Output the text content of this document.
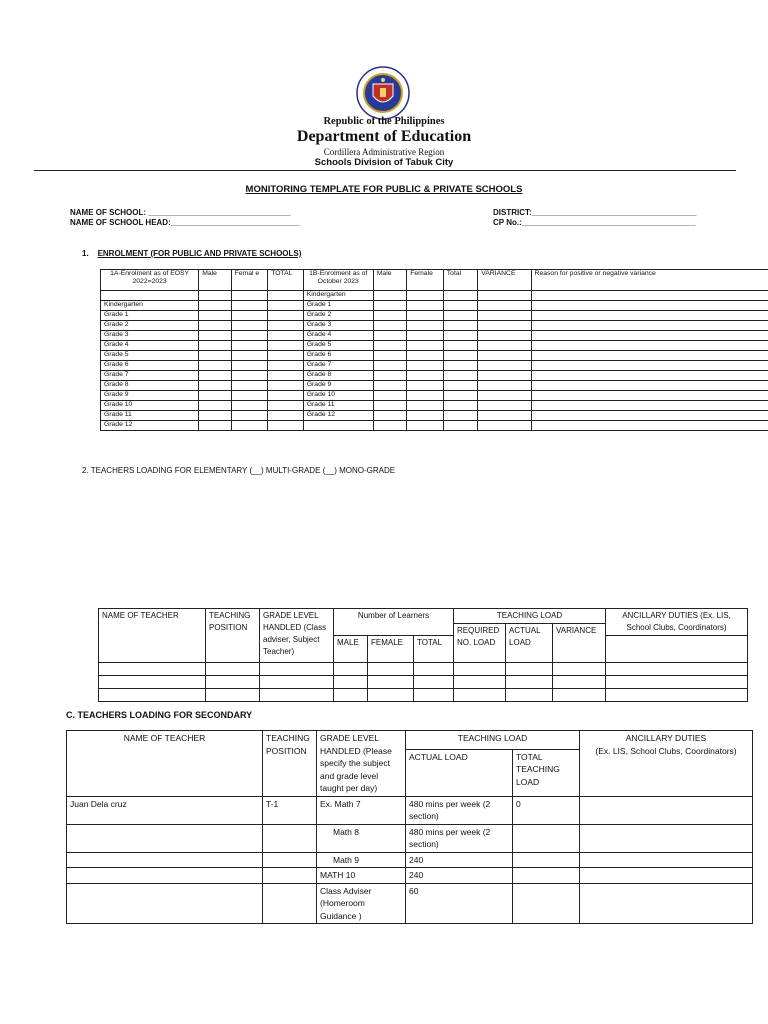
Republic of the Philippines
Department of Education
Cordillera Administrative Region
Schools Division of Tabuk City
MONITORING TEMPLATE FOR PUBLIC & PRIVATE SCHOOLS
NAME OF SCHOOL: ________________________________
NAME OF SCHOOL HEAD:_____________________________
DISTRICT:_____________________________________
CP No.:_______________________________________
1. ENROLMENT (FOR PUBLIC AND PRIVATE SCHOOLS)
1A-Enrolment as of EOSY 2022=2023	Male	Femal e	TOTAL	1B-Enrolment as of October 2023	Male	Female	Total	VARIANCE	Reason for positive or negative variance
				Kindergarten					
Kindergarten				Grade 1					
Grade 1				Grade 2					
Grade 2				Grade 3					
Grade 3				Grade 4					
Grade 4				Grade 5					
Grade 5				Grade 6					
Grade 6				Grade 7					
Grade 7				Grade 8					
Grade 8				Grade 9					
Grade 9				Grade 10					
Grade 10				Grade 11					
Grade 11				Grade 12					
Grade 12									
2. TEACHERS LOADING FOR ELEMENTARY (__) MULTI-GRADE (__) MONO-GRADE
NAME OF TEACHER	TEACHING POSITION	GRADE LEVEL HANDLED (Class adviser, Subject Teacher)	Number of Learners			TEACHING LOAD			ANCILLARY DUTIES (Ex. LIS, School Clubs, Coordinators)
						REQUIRED NO. LOAD	ACTUAL LOAD	VARIANCE	
			MALE	FEMALE	TOTAL				

C. TEACHERS LOADING FOR SECONDARY
NAME OF TEACHER	TEACHING POSITION	GRADE LEVEL HANDLED (Please specify the subject and grade level taught per day)	TEACHING LOAD		ANCILLARY DUTIES
(Ex. LIS, School Clubs, Coordinators)
			ACTUAL LOAD	TOTAL TEACHING LOAD	
Juan Dela cruz	T-1	Ex. Math 7	480 mins per week (2 section)	0	
		Math 8	480 mins per week (2 section)		
		Math 9	240		
		MATH 10	240		
		Class Adviser (Homeroom Guidance )	60		
